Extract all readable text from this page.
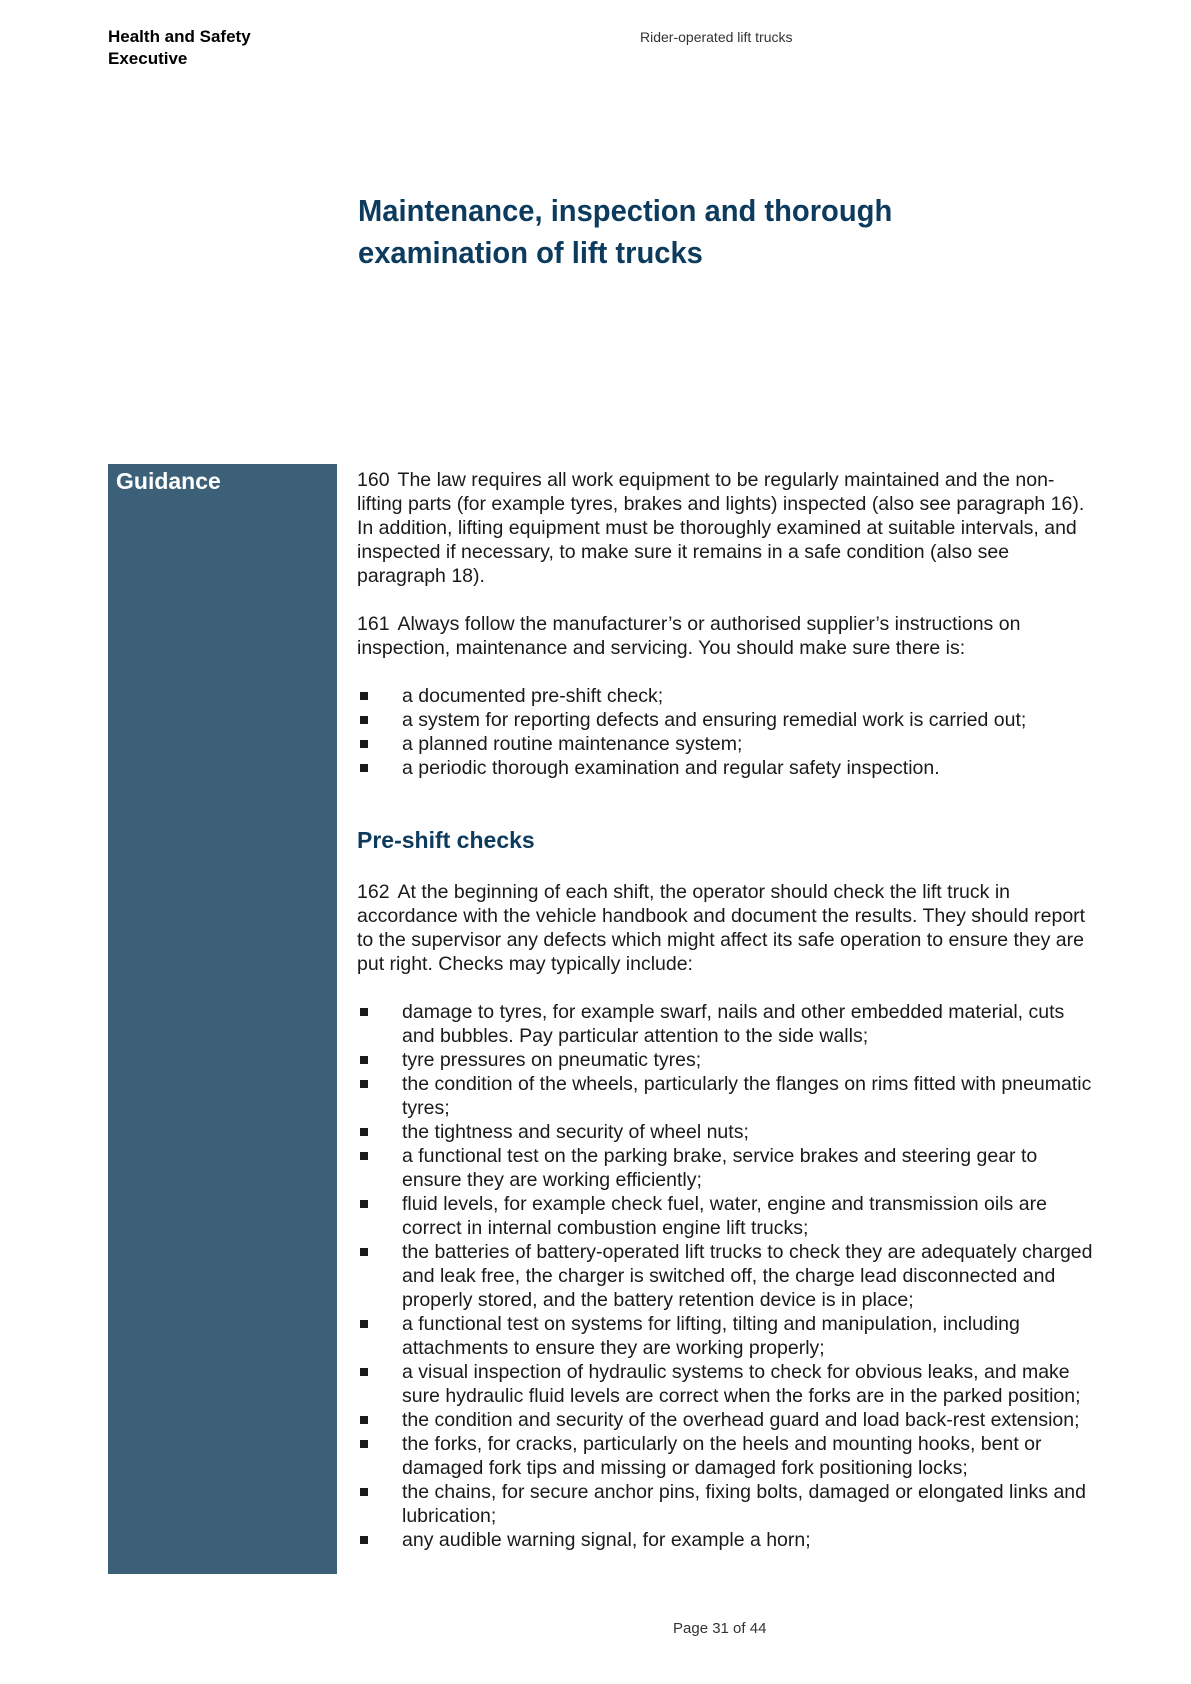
Health and Safety
Executive
Rider-operated lift trucks
Maintenance, inspection and thorough examination of lift trucks
Guidance	160 The law requires all work equipment to be regularly maintained and the non-lifting parts (for example tyres, brakes and lights) inspected (also see paragraph 16). In addition, lifting equipment must be thoroughly examined at suitable intervals, and inspected if necessary, to make sure it remains in a safe condition (also see paragraph 18).

161 Always follow the manufacturer’s or authorised supplier’s instructions on inspection, maintenance and servicing. You should make sure there is:

a documented pre-shift check;
a system for reporting defects and ensuring remedial work is carried out;
a planned routine maintenance system;
a periodic thorough examination and regular safety inspection.
Pre-shift checks

162 At the beginning of each shift, the operator should check the lift truck in accordance with the vehicle handbook and document the results. They should report to the supervisor any defects which might affect its safe operation to ensure they are put right. Checks may typically include:

damage to tyres, for example swarf, nails and other embedded material, cuts and bubbles. Pay particular attention to the side walls;
tyre pressures on pneumatic tyres;
the condition of the wheels, particularly the flanges on rims fitted with pneumatic tyres;
the tightness and security of wheel nuts;
a functional test on the parking brake, service brakes and steering gear to ensure they are working efficiently;
fluid levels, for example check fuel, water, engine and transmission oils are correct in internal combustion engine lift trucks;
the batteries of battery-operated lift trucks to check they are adequately charged and leak free, the charger is switched off, the charge lead disconnected and properly stored, and the battery retention device is in place;
a functional test on systems for lifting, tilting and manipulation, including attachments to ensure they are working properly;
a visual inspection of hydraulic systems to check for obvious leaks, and make sure hydraulic fluid levels are correct when the forks are in the parked position;
the condition and security of the overhead guard and load back-rest extension;
the forks, for cracks, particularly on the heels and mounting hooks, bent or damaged fork tips and missing or damaged fork positioning locks;
the chains, for secure anchor pins, fixing bolts, damaged or elongated links and lubrication;
any audible warning signal, for example a horn;
Page 31 of 44
